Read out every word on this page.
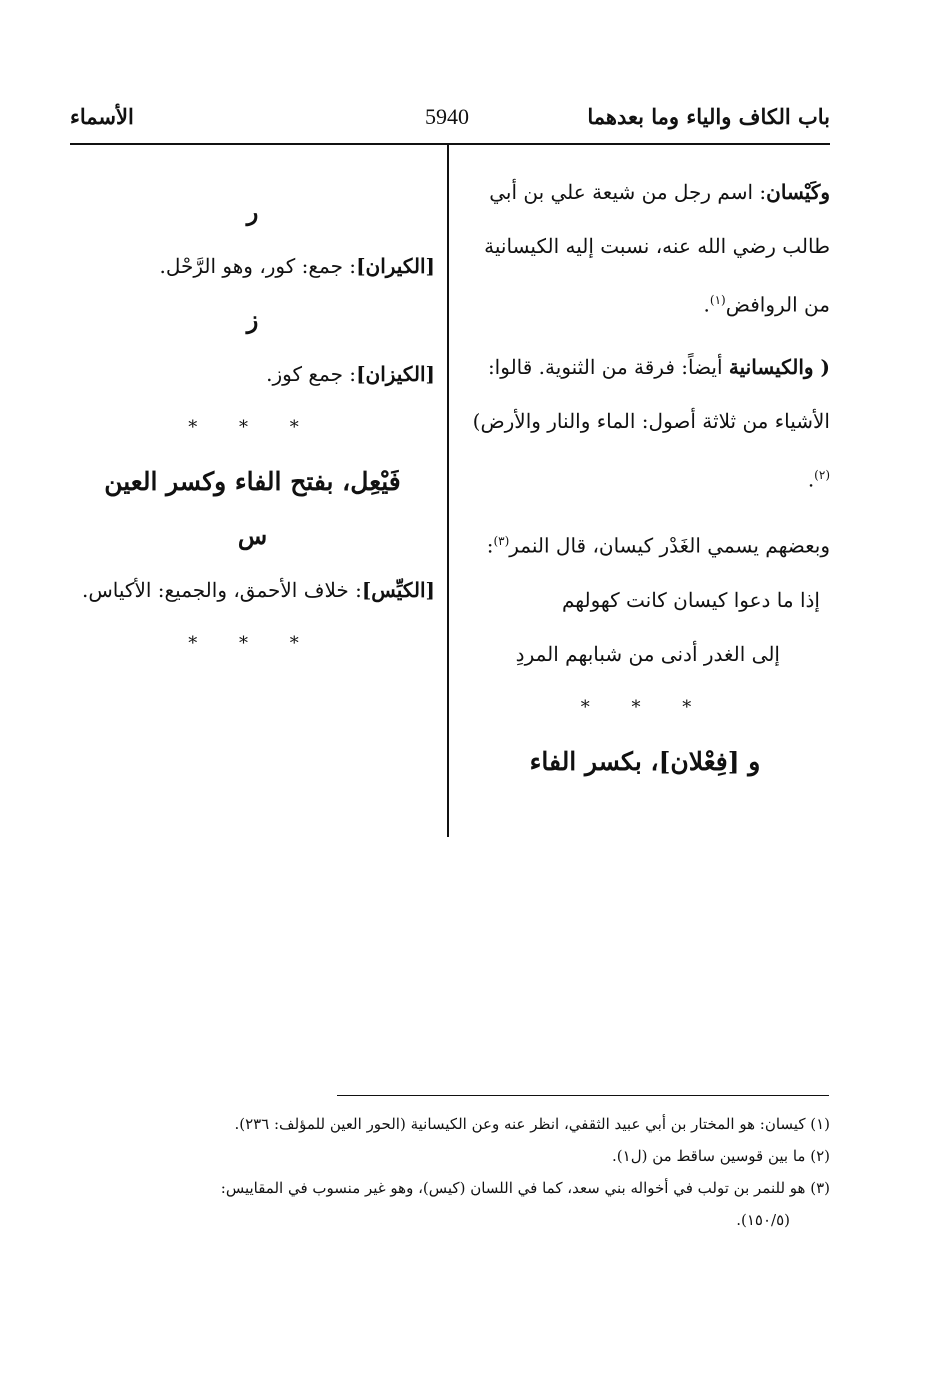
باب الكاف والياء وما بعدهما
5940
الأسماء

وكَيْسان: اسم رجل من شيعة علي بن أبي طالب رضي الله عنه، نسبت إليه الكيسانية من الروافض$^{(١)}$.

( والكيسانية أيضاً: فرقة من الثنوية. قالوا: الأشياء من ثلاثة أصول: الماء والنار والأرض)$^{(٢)}$.

وبعضهم يسمي الغَدْر كيسان، قال النمر$^{(٣)}$:

إذا ما دعوا كيسان كانت كهولهم

إلى الغدر أدنى من شبابهم المردِ

* * *

و [فِعْلان]، بكسر الفاء

ر

[الكيران]: جمع: كور، وهو الرَّحْل.

ز

[الكيزان]: جمع كوز.

* * *

فَيْعِل، بفتح الفاء وكسر العين

س

[الكيِّس]: خلاف الأحمق، والجميع: الأكياس.

* * *

(١) كيسان: هو المختار بن أبي عبيد الثقفي، انظر عنه وعن الكيسانية (الحور العين للمؤلف: ٢٣٦).

(٢) ما بين قوسين ساقط من (ل١).

(٣) هو للنمر بن تولب في أخواله بني سعد، كما في اللسان (كيس)، وهو غير منسوب في المقاييس:

(١٥٠/٥).
